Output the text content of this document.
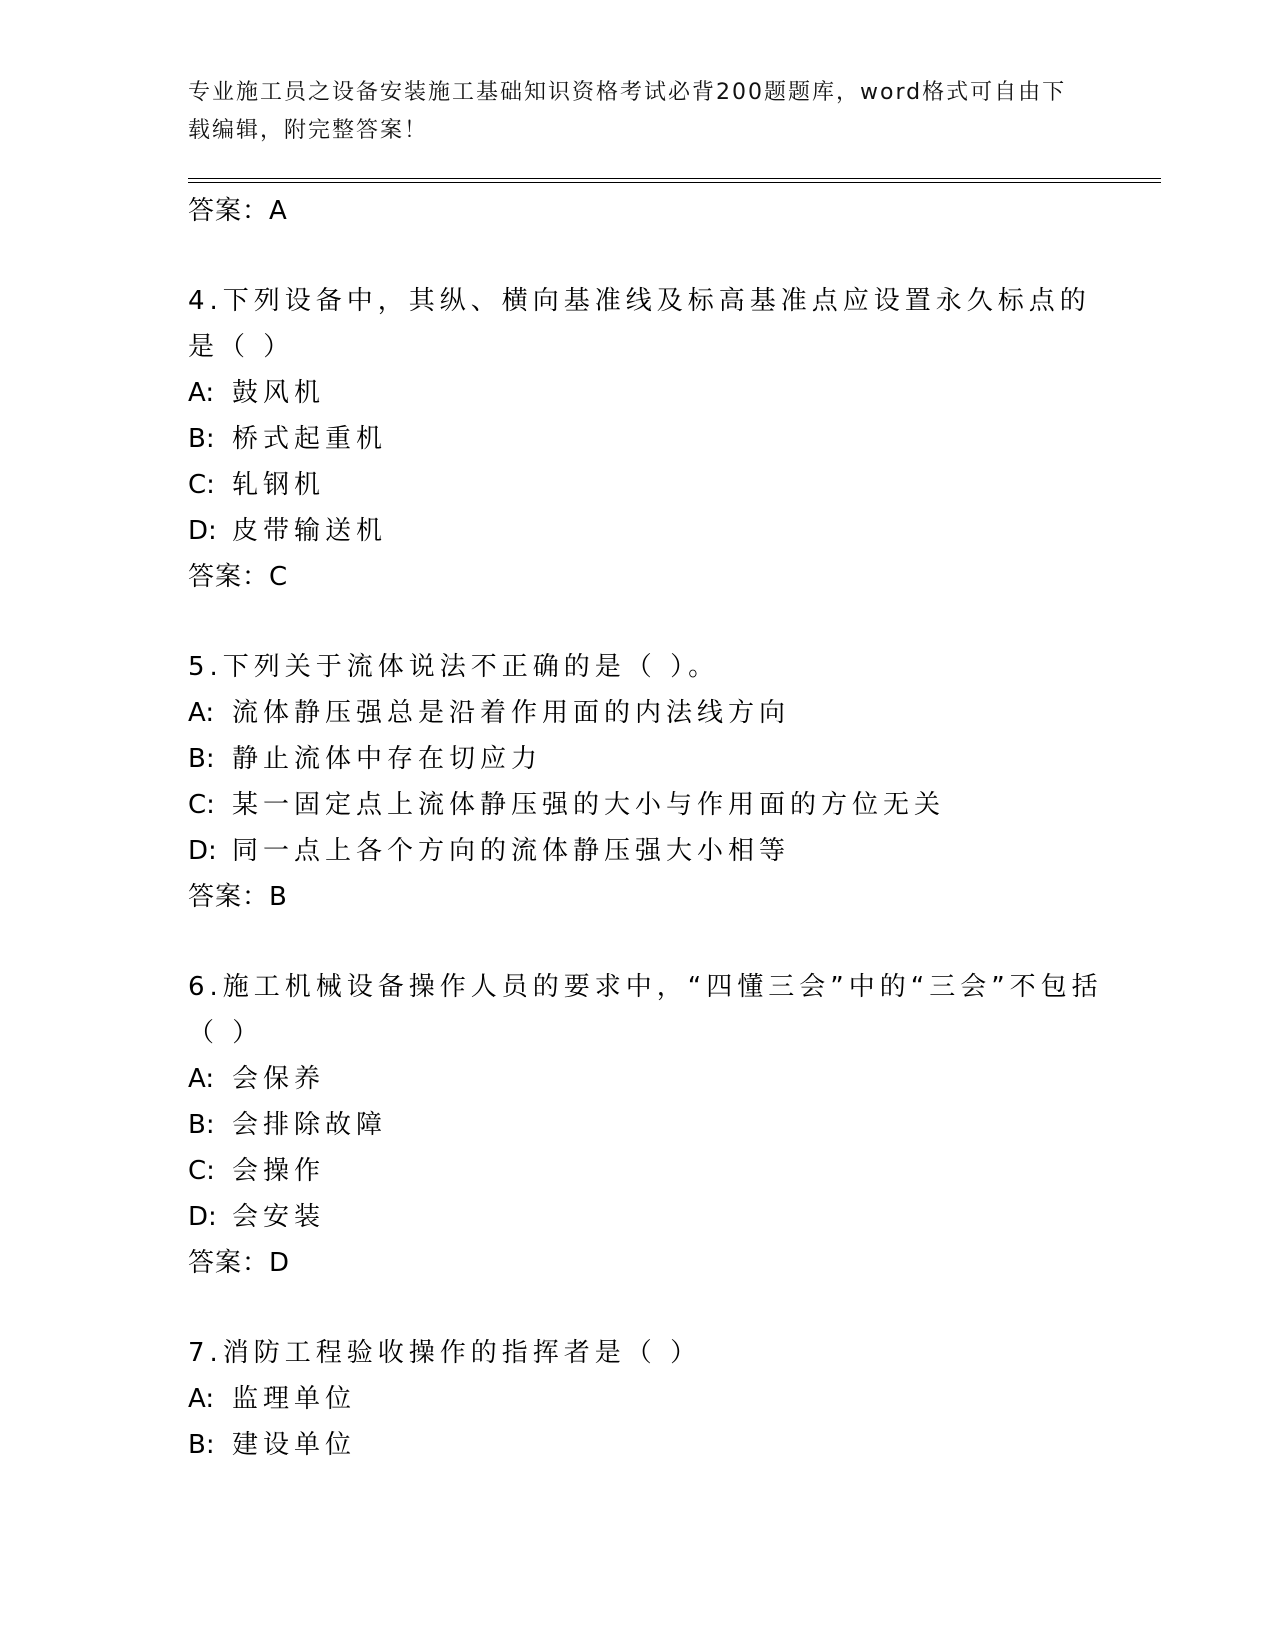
专业施工员之设备安装施工基础知识资格考试必背200题题库，word格式可自由下载编辑，附完整答案！
答案：A
4.下列设备中，其纵、横向基准线及标高基准点应设置永久标点的是（ ）
A: 鼓风机
B: 桥式起重机
C: 轧钢机
D: 皮带输送机
答案：C
5.下列关于流体说法不正确的是（ ）。
A: 流体静压强总是沿着作用面的内法线方向
B: 静止流体中存在切应力
C: 某一固定点上流体静压强的大小与作用面的方位无关
D: 同一点上各个方向的流体静压强大小相等
答案：B
6.施工机械设备操作人员的要求中，“四懂三会”中的“三会”不包括（ ）
A: 会保养
B: 会排除故障
C: 会操作
D: 会安装
答案：D
7.消防工程验收操作的指挥者是（ ）
A: 监理单位
B: 建设单位
